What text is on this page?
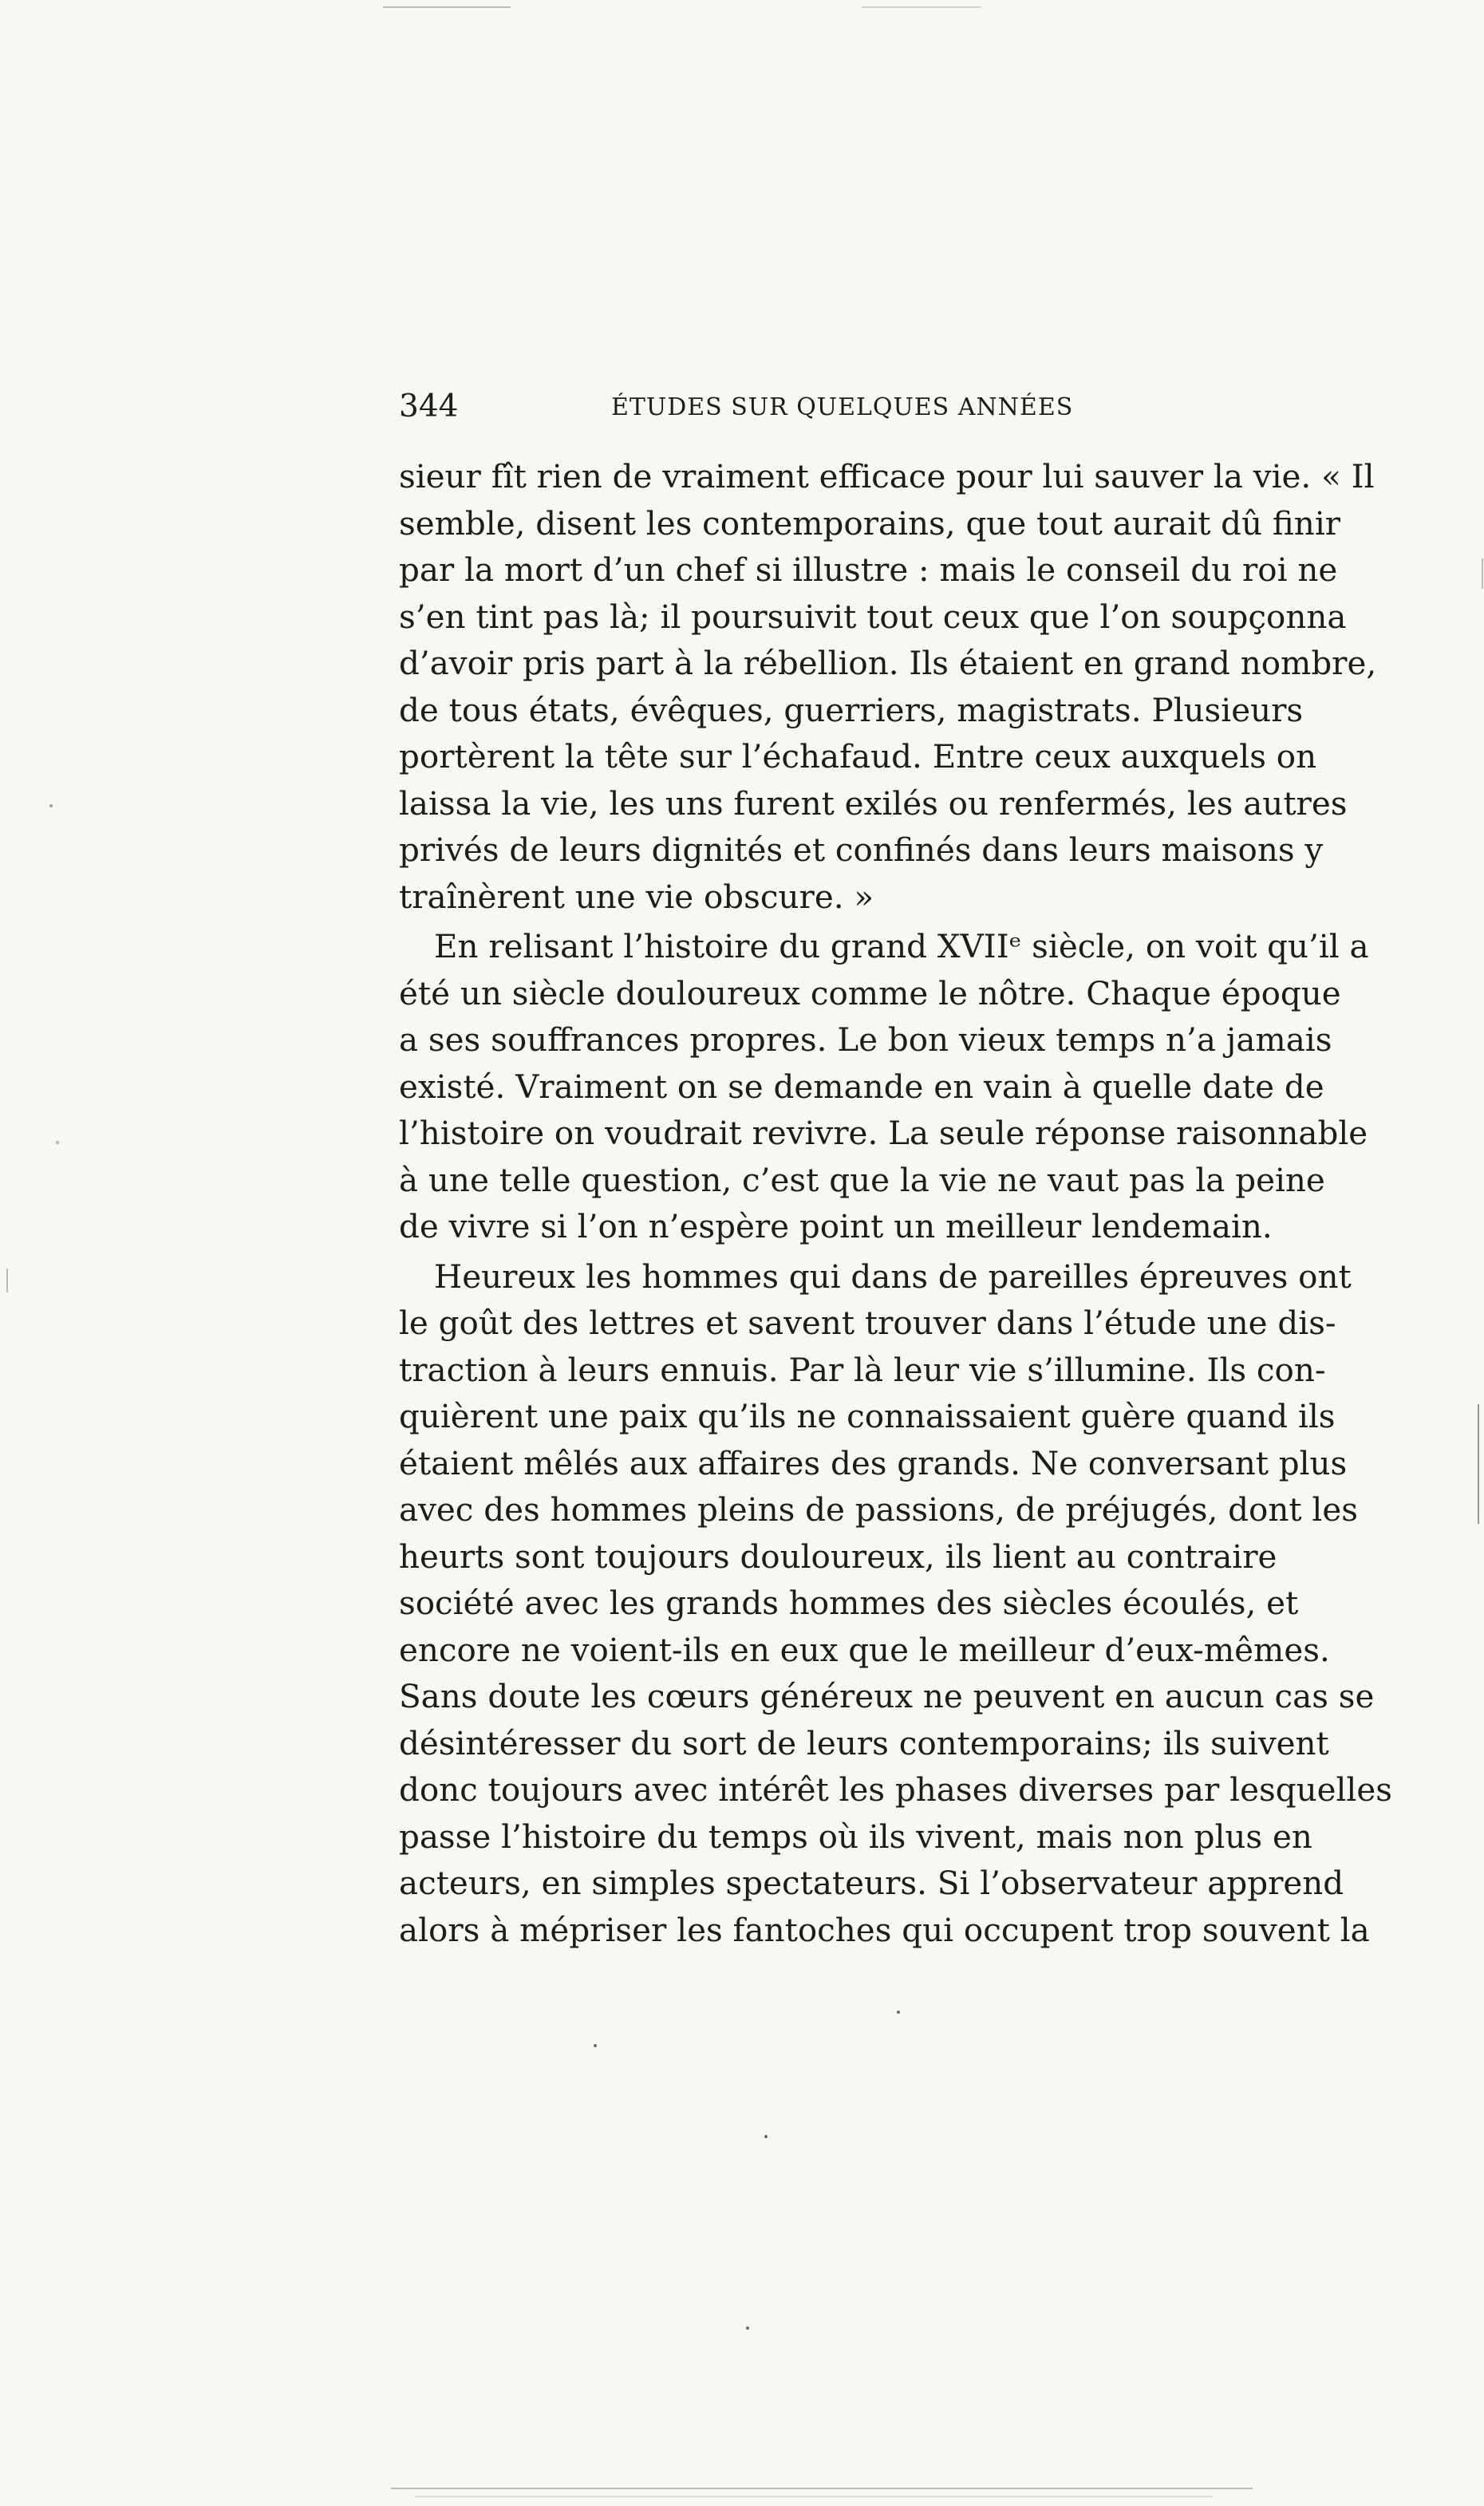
344	ÉTUDES SUR QUELQUES ANNÉES
sieur fît rien de vraiment efficace pour lui sauver la vie. « Il
semble, disent les contemporains, que tout aurait dû finir
par la mort d’un chef si illustre : mais le conseil du roi ne
s’en tint pas là; il poursuivit tout ceux que l’on soupçonna
d’avoir pris part à la rébellion. Ils étaient en grand nombre,
de tous états, évêques, guerriers, magistrats. Plusieurs
portèrent la tête sur l’échafaud. Entre ceux auxquels on
laissa la vie, les uns furent exilés ou renfermés, les autres
privés de leurs dignités et confinés dans leurs maisons y
traînèrent une vie obscure. »
En relisant l’histoire du grand XVIIᵉ siècle, on voit qu’il a
été un siècle douloureux comme le nôtre. Chaque époque
a ses souffrances propres. Le bon vieux temps n’a jamais
existé. Vraiment on se demande en vain à quelle date de
l’histoire on voudrait revivre. La seule réponse raisonnable
à une telle question, c’est que la vie ne vaut pas la peine
de vivre si l’on n’espère point un meilleur lendemain.
Heureux les hommes qui dans de pareilles épreuves ont
le goût des lettres et savent trouver dans l’étude une dis-
traction à leurs ennuis. Par là leur vie s’illumine. Ils con-
quièrent une paix qu’ils ne connaissaient guère quand ils
étaient mêlés aux affaires des grands. Ne conversant plus
avec des hommes pleins de passions, de préjugés, dont les
heurts sont toujours douloureux, ils lient au contraire
société avec les grands hommes des siècles écoulés, et
encore ne voient-ils en eux que le meilleur d’eux-mêmes.
Sans doute les cœurs généreux ne peuvent en aucun cas se
désintéresser du sort de leurs contemporains; ils suivent
donc toujours avec intérêt les phases diverses par lesquelles
passe l’histoire du temps où ils vivent, mais non plus en
acteurs, en simples spectateurs. Si l’observateur apprend
alors à mépriser les fantoches qui occupent trop souvent la
